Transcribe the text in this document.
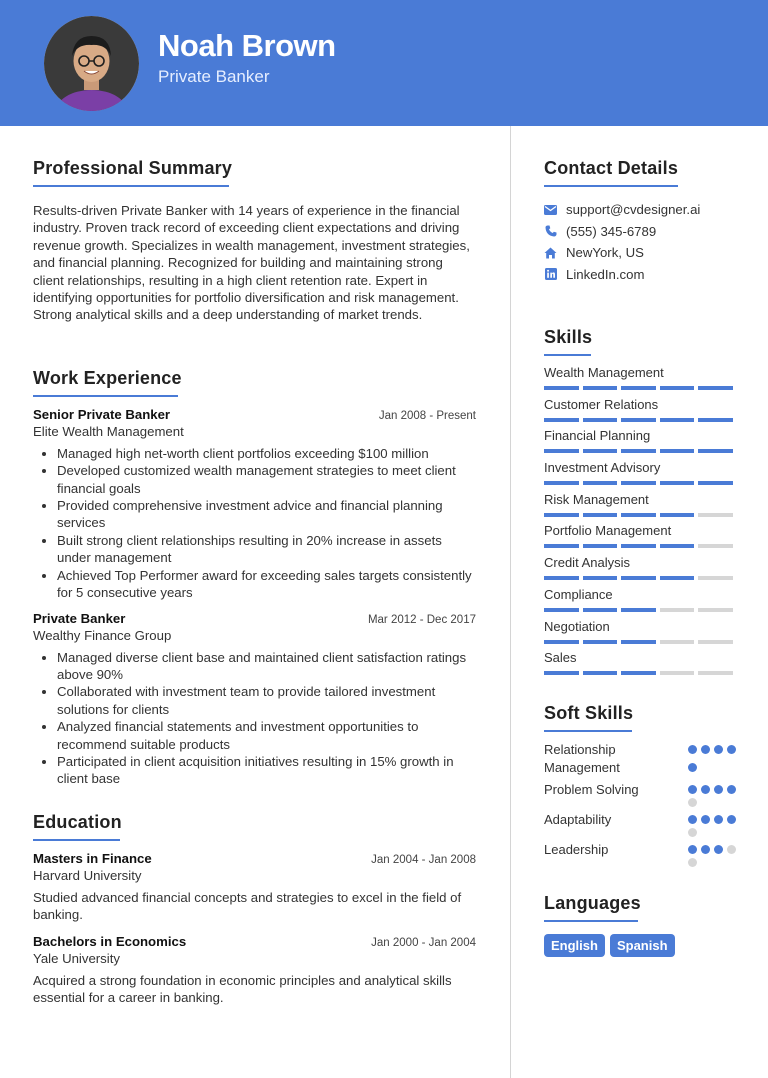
Noah Brown
Private Banker
Professional Summary
Results-driven Private Banker with 14 years of experience in the financial industry. Proven track record of exceeding client expectations and driving revenue growth. Specializes in wealth management, investment strategies, and financial planning. Recognized for building and maintaining strong client relationships, resulting in a high client retention rate. Expert in identifying opportunities for portfolio diversification and risk management. Strong analytical skills and a deep understanding of market trends.
Work Experience
Senior Private Banker	Jan 2008 - Present
Elite Wealth Management
• Managed high net-worth client portfolios exceeding $100 million
• Developed customized wealth management strategies to meet client financial goals
• Provided comprehensive investment advice and financial planning services
• Built strong client relationships resulting in 20% increase in assets under management
• Achieved Top Performer award for exceeding sales targets consistently for 5 consecutive years
Private Banker	Mar 2012 - Dec 2017
Wealthy Finance Group
• Managed diverse client base and maintained client satisfaction ratings above 90%
• Collaborated with investment team to provide tailored investment solutions for clients
• Analyzed financial statements and investment opportunities to recommend suitable products
• Participated in client acquisition initiatives resulting in 15% growth in client base
Education
Masters in Finance	Jan 2004 - Jan 2008
Harvard University
Studied advanced financial concepts and strategies to excel in the field of banking.
Bachelors in Economics	Jan 2000 - Jan 2004
Yale University
Acquired a strong foundation in economic principles and analytical skills essential for a career in banking.
Contact Details
support@cvdesigner.ai
(555) 345-6789
NewYork, US
LinkedIn.com
Skills
Wealth Management
Customer Relations
Financial Planning
Investment Advisory
Risk Management
Portfolio Management
Credit Analysis
Compliance
Negotiation
Sales
Soft Skills
Relationship Management
Problem Solving
Adaptability
Leadership
Languages
English	Spanish
